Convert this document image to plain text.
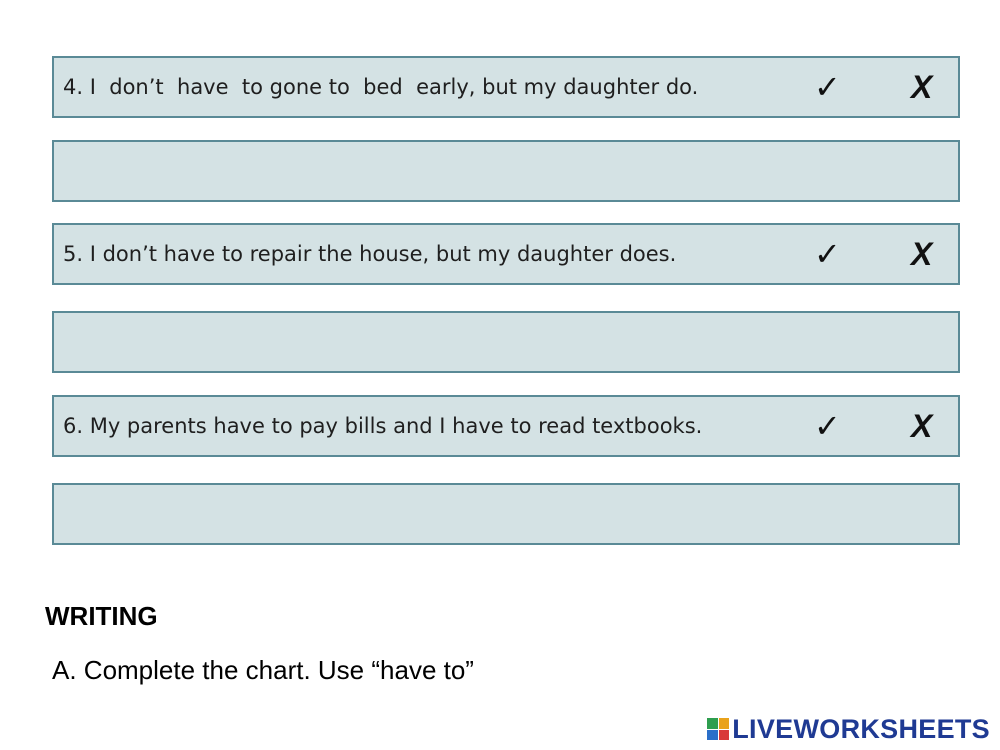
4. I  don’t  have  to gone to  bed  early, but my daughter do.	✓ X
5. I don’t have to repair the house, but my daughter does.	✓ X
6. My parents have to pay bills and I have to read textbooks.	✓ X
WRITING
A. Complete the chart. Use “have to”
LIVEWORKSHEETS
